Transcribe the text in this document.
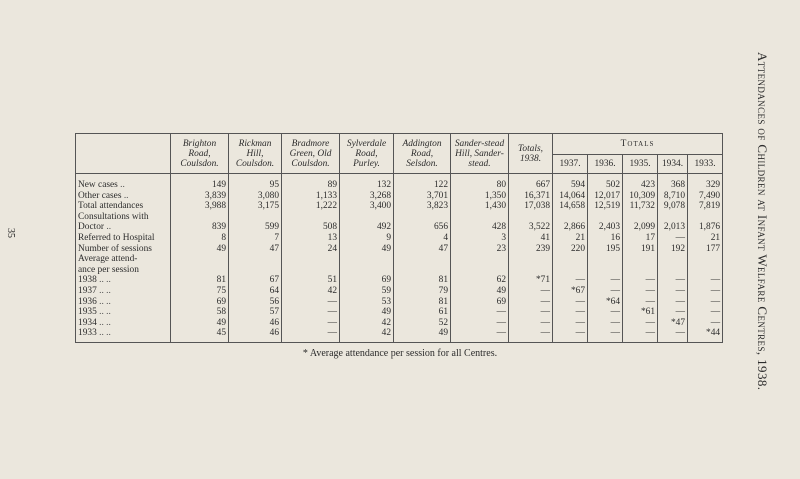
35	Attendances of Children at Infant Welfare Centres, 1938.
	Brighton Road, Coulsdon.	Rickman Hill, Coulsdon.	Bradmore Green, Old Coulsdon.	Sylverdale Road, Purley.	Addington Road, Selsdon.	Sander-stead Hill, Sander-stead.	Totals, 1938.	Totals				
								1937.	1936.	1935.	1934.	1933.
New cases ..	149	95	89	132	122	80	667	594	502	423	368	329
Other cases ..	3,839	3,080	1,133	3,268	3,701	1,350	16,371	14,064	12,017	10,309	8,710	7,490
Total attendances	3,988	3,175	1,222	3,400	3,823	1,430	17,038	14,658	12,519	11,732	9,078	7,819
Consultations with												
Doctor ..	839	599	508	492	656	428	3,522	2,866	2,403	2,099	2,013	1,876
Referred to Hospital	8	7	13	9	4	3	41	21	16	17	—	21
Number of sessions	49	47	24	49	47	23	239	220	195	191	192	177
Average attend-												
ance per session												
1938 .. ..	81	67	51	69	81	62	*71	—	—	—	—	—
1937 .. ..	75	64	42	59	79	49	—	*67	—	—	—	—
1936 .. ..	69	56	—	53	81	69	—	—	*64	—	—	—
1935 .. ..	58	57	—	49	61	—	—	—	—	*61	—	—
1934 .. ..	49	46	—	42	52	—	—	—	—	—	*47	—
1933 .. ..	45	46	—	42	49	—	—	—	—	—	—	*44
* Average attendance per session for all Centres.
